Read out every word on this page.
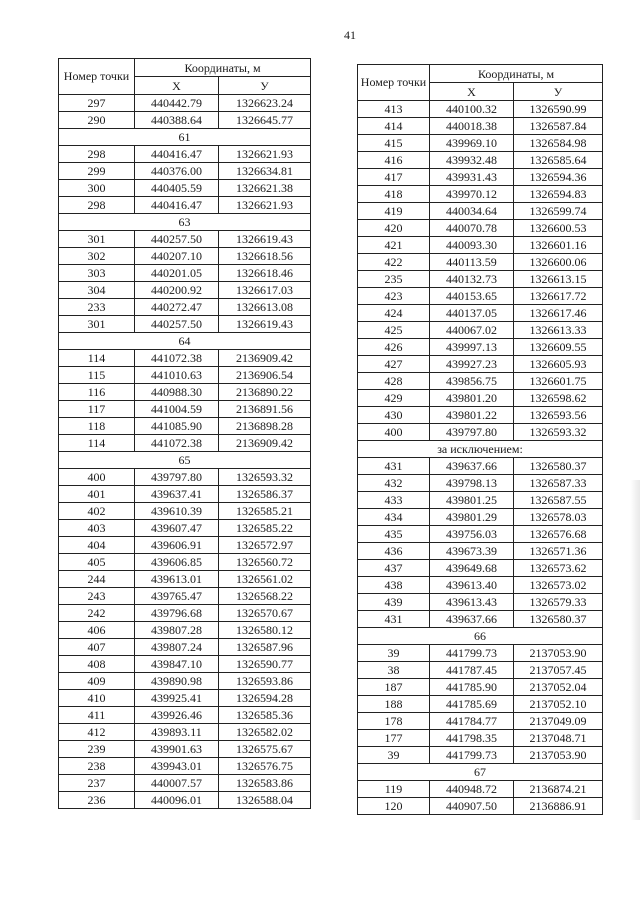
41
Номер точки	Координаты, м	
	X	У
297	440442.79	1326623.24
290	440388.64	1326645.77
61		
298	440416.47	1326621.93
299	440376.00	1326634.81
300	440405.59	1326621.38
298	440416.47	1326621.93
63		
301	440257.50	1326619.43
302	440207.10	1326618.56
303	440201.05	1326618.46
304	440200.92	1326617.03
233	440272.47	1326613.08
301	440257.50	1326619.43
64		
114	441072.38	2136909.42
115	441010.63	2136906.54
116	440988.30	2136890.22
117	441004.59	2136891.56
118	441085.90	2136898.28
114	441072.38	2136909.42
65		
400	439797.80	1326593.32
401	439637.41	1326586.37
402	439610.39	1326585.21
403	439607.47	1326585.22
404	439606.91	1326572.97
405	439606.85	1326560.72
244	439613.01	1326561.02
243	439765.47	1326568.22
242	439796.68	1326570.67
406	439807.28	1326580.12
407	439807.24	1326587.96
408	439847.10	1326590.77
409	439890.98	1326593.86
410	439925.41	1326594.28
411	439926.46	1326585.36
412	439893.11	1326582.02
239	439901.63	1326575.67
238	439943.01	1326576.75
237	440007.57	1326583.86
236	440096.01	1326588.04
Номер точки	Координаты, м	
	X	У
413	440100.32	1326590.99
414	440018.38	1326587.84
415	439969.10	1326584.98
416	439932.48	1326585.64
417	439931.43	1326594.36
418	439970.12	1326594.83
419	440034.64	1326599.74
420	440070.78	1326600.53
421	440093.30	1326601.16
422	440113.59	1326600.06
235	440132.73	1326613.15
423	440153.65	1326617.72
424	440137.05	1326617.46
425	440067.02	1326613.33
426	439997.13	1326609.55
427	439927.23	1326605.93
428	439856.75	1326601.75
429	439801.20	1326598.62
430	439801.22	1326593.56
400	439797.80	1326593.32
за исключением:		
431	439637.66	1326580.37
432	439798.13	1326587.33
433	439801.25	1326587.55
434	439801.29	1326578.03
435	439756.03	1326576.68
436	439673.39	1326571.36
437	439649.68	1326573.62
438	439613.40	1326573.02
439	439613.43	1326579.33
431	439637.66	1326580.37
66		
39	441799.73	2137053.90
38	441787.45	2137057.45
187	441785.90	2137052.04
188	441785.69	2137052.10
178	441784.77	2137049.09
177	441798.35	2137048.71
39	441799.73	2137053.90
67		
119	440948.72	2136874.21
120	440907.50	2136886.91
